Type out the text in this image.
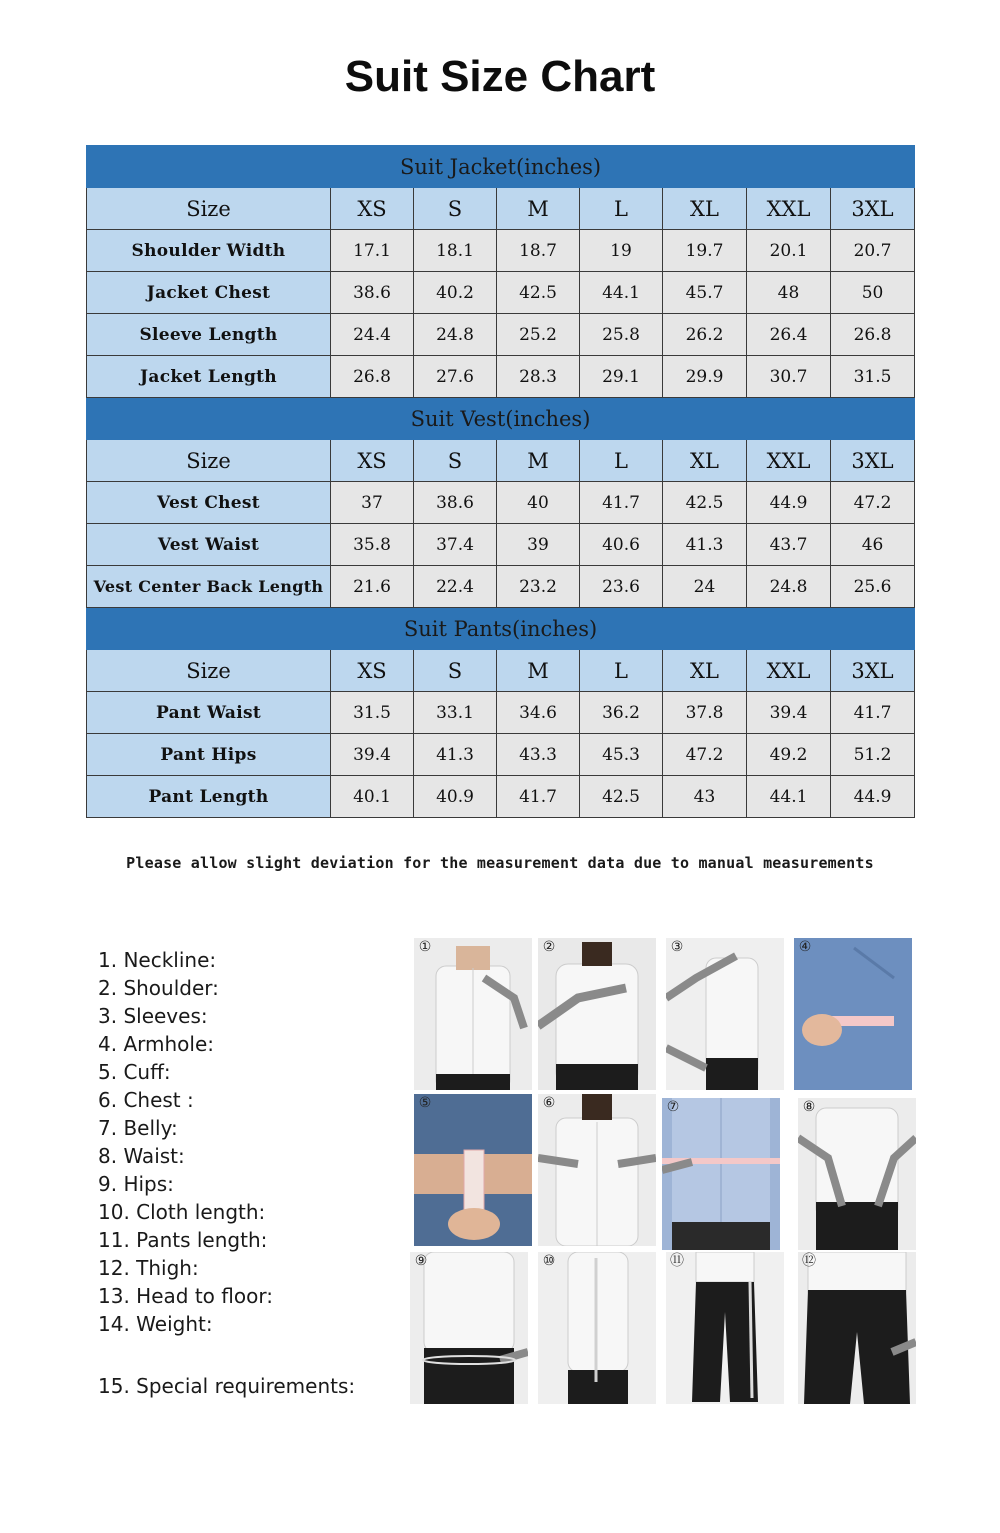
Suit Size Chart
Suit Jacket(inches)							
Size	XS	S	M	L	XL	XXL	3XL
Shoulder Width	17.1	18.1	18.7	19	19.7	20.1	20.7
Jacket Chest	38.6	40.2	42.5	44.1	45.7	48	50
Sleeve Length	24.4	24.8	25.2	25.8	26.2	26.4	26.8
Jacket Length	26.8	27.6	28.3	29.1	29.9	30.7	31.5
Suit Vest(inches)							
Size	XS	S	M	L	XL	XXL	3XL
Vest Chest	37	38.6	40	41.7	42.5	44.9	47.2
Vest Waist	35.8	37.4	39	40.6	41.3	43.7	46
Vest Center Back Length	21.6	22.4	23.2	23.6	24	24.8	25.6
Suit Pants(inches)							
Size	XS	S	M	L	XL	XXL	3XL
Pant Waist	31.5	33.1	34.6	36.2	37.8	39.4	41.7
Pant Hips	39.4	41.3	43.3	45.3	47.2	49.2	51.2
Pant Length	40.1	40.9	41.7	42.5	43	44.1	44.9
Please allow slight deviation for the measurement data due to manual measurements
1. Neckline:
2. Shoulder:
3. Sleeves:
4. Armhole:
5. Cuff:
6. Chest :
7. Belly:
8. Waist:
9. Hips:
10. Cloth length:
11. Pants length:
12. Thigh:
13. Head to floor:
14. Weight:
15. Special requirements:
①	②	③	④
⑤	⑥	⑦	⑧
⑨	⑩	⑪	⑫
